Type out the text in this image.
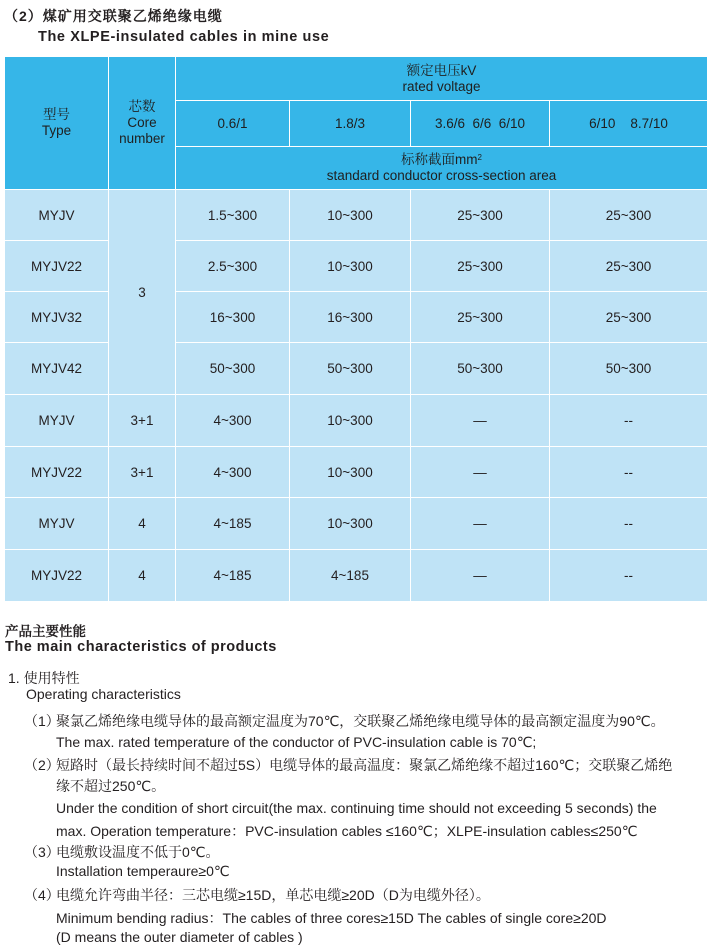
（2）煤矿用交联聚乙烯绝缘电缆
The XLPE-insulated cables in mine use
型号
Type	芯数
Core
number	额定电压kV
rated voltage			

		0.6/1	1.8/3	3.6/6  6/6  6/10	6/10    8.7/10

		标称截面$mm^2$
standard conductor cross-section area			

MYJV	3	1.5~300	10~300	25~300	25~300
MYJV22		2.5~300	10~300	25~300	25~300
MYJV32		16~300	16~300	25~300	25~300
MYJV42		50~300	50~300	50~300	50~300
MYJV	3+1	4~300	10~300	—	--
MYJV22	3+1	4~300	10~300	—	--
MYJV	4	4~185	10~300	—	--
MYJV22	4	4~185	4~185	—	--
产品主要性能
The main characteristics of products
1. 使用特性
Operating characteristics
（1）
聚氯乙烯绝缘电缆导体的最高额定温度为70℃，交联聚乙烯绝缘电缆导体的最高额定温度为90℃。
The max. rated temperature of the conductor of PVC-insulation cable is 70℃;
（2）
短路时（最长持续时间不超过5S）电缆导体的最高温度：聚氯乙烯绝缘不超过160℃；交联聚乙烯绝
缘不超过250℃。
Under the condition of short circuit(the max. continuing time should not exceeding 5 seconds) the
max. Operation temperature：PVC-insulation cables ≤160℃；XLPE-insulation cables≤250℃
（3）
电缆敷设温度不低于0℃。
Installation temperaure≥0℃
（4）
电缆允许弯曲半径：三芯电缆≥15D，单芯电缆≥20D（D为电缆外径）。
Minimum bending radius：The cables of three cores≥15D The cables of single core≥20D
(D means the outer diameter of cables )
